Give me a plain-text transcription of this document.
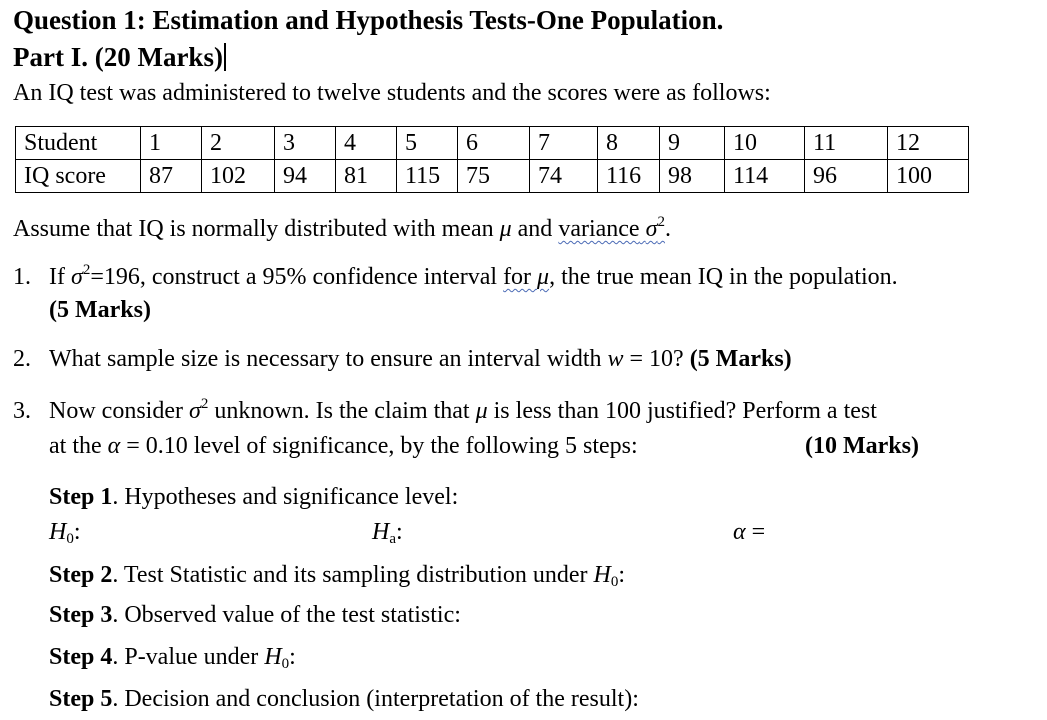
Question 1: Estimation and Hypothesis Tests-One Population.
Part I. (20 Marks)
An IQ test was administered to twelve students and the scores were as follows:
Student	1	2	3	4	5	6	7	8	9	10	11	12
IQ score	87	102	94	81	115	75	74	116	98	114	96	100
Assume that IQ is normally distributed with mean μ and variance $\sigma^2$.
1. If $\sigma^2=196$, construct a 95% confidence interval for μ, the true mean IQ in the population.
(5 Marks)
2. What sample size is necessary to ensure an interval width w = 10? (5 Marks)
3. Now consider $\sigma^2$ unknown. Is the claim that μ is less than 100 justified? Perform a test
at the α = 0.10 level of significance, by the following 5 steps:	(10 Marks)
Step 1. Hypotheses and significance level:
$H_0$:	$H_a$:	α =
Step 2. Test Statistic and its sampling distribution under $H_0$:
Step 3. Observed value of the test statistic:
Step 4. P-value under $H_0$:
Step 5. Decision and conclusion (interpretation of the result):
